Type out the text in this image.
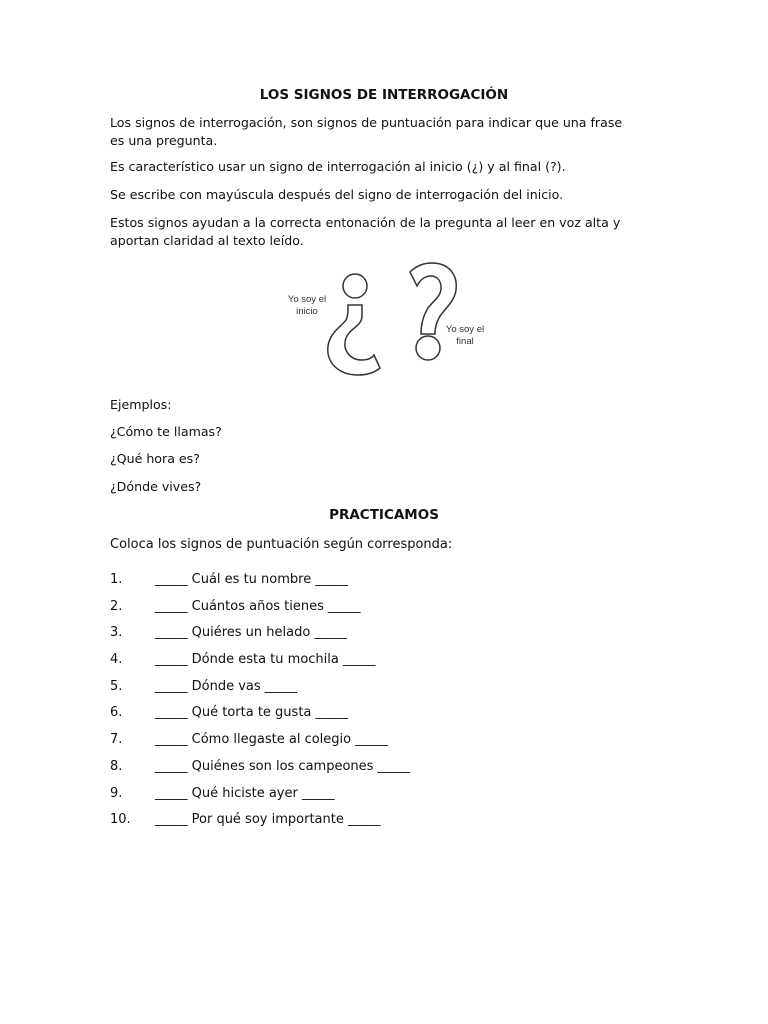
LOS SIGNOS DE INTERROGACIÓN
Los signos de interrogación, son signos de puntuación para indicar que una frase es una pregunta.
Es característico usar un signo de interrogación al inicio (¿) y al final (?).
Se escribe con mayúscula después del signo de interrogación del inicio.
Estos signos ayudan a la correcta entonación de la pregunta al leer en voz alta y aportan claridad al texto leído.
Yo soy el
inicio
Yo soy el
final
Ejemplos:
¿Cómo te llamas?
¿Qué hora es?
¿Dónde vives?
PRACTICAMOS
Coloca los signos de puntuación según corresponda:
1.	_____ Cuál es tu nombre _____
2.	_____ Cuántos años tienes _____
3.	_____ Quiéres un helado _____
4.	_____ Dónde esta tu mochila _____
5.	_____ Dónde vas _____
6.	_____ Qué torta te gusta _____
7.	_____ Cómo llegaste al colegio _____
8.	_____ Quiénes son los campeones _____
9.	_____ Qué hiciste ayer _____
10. _____ Por qué soy importante _____
